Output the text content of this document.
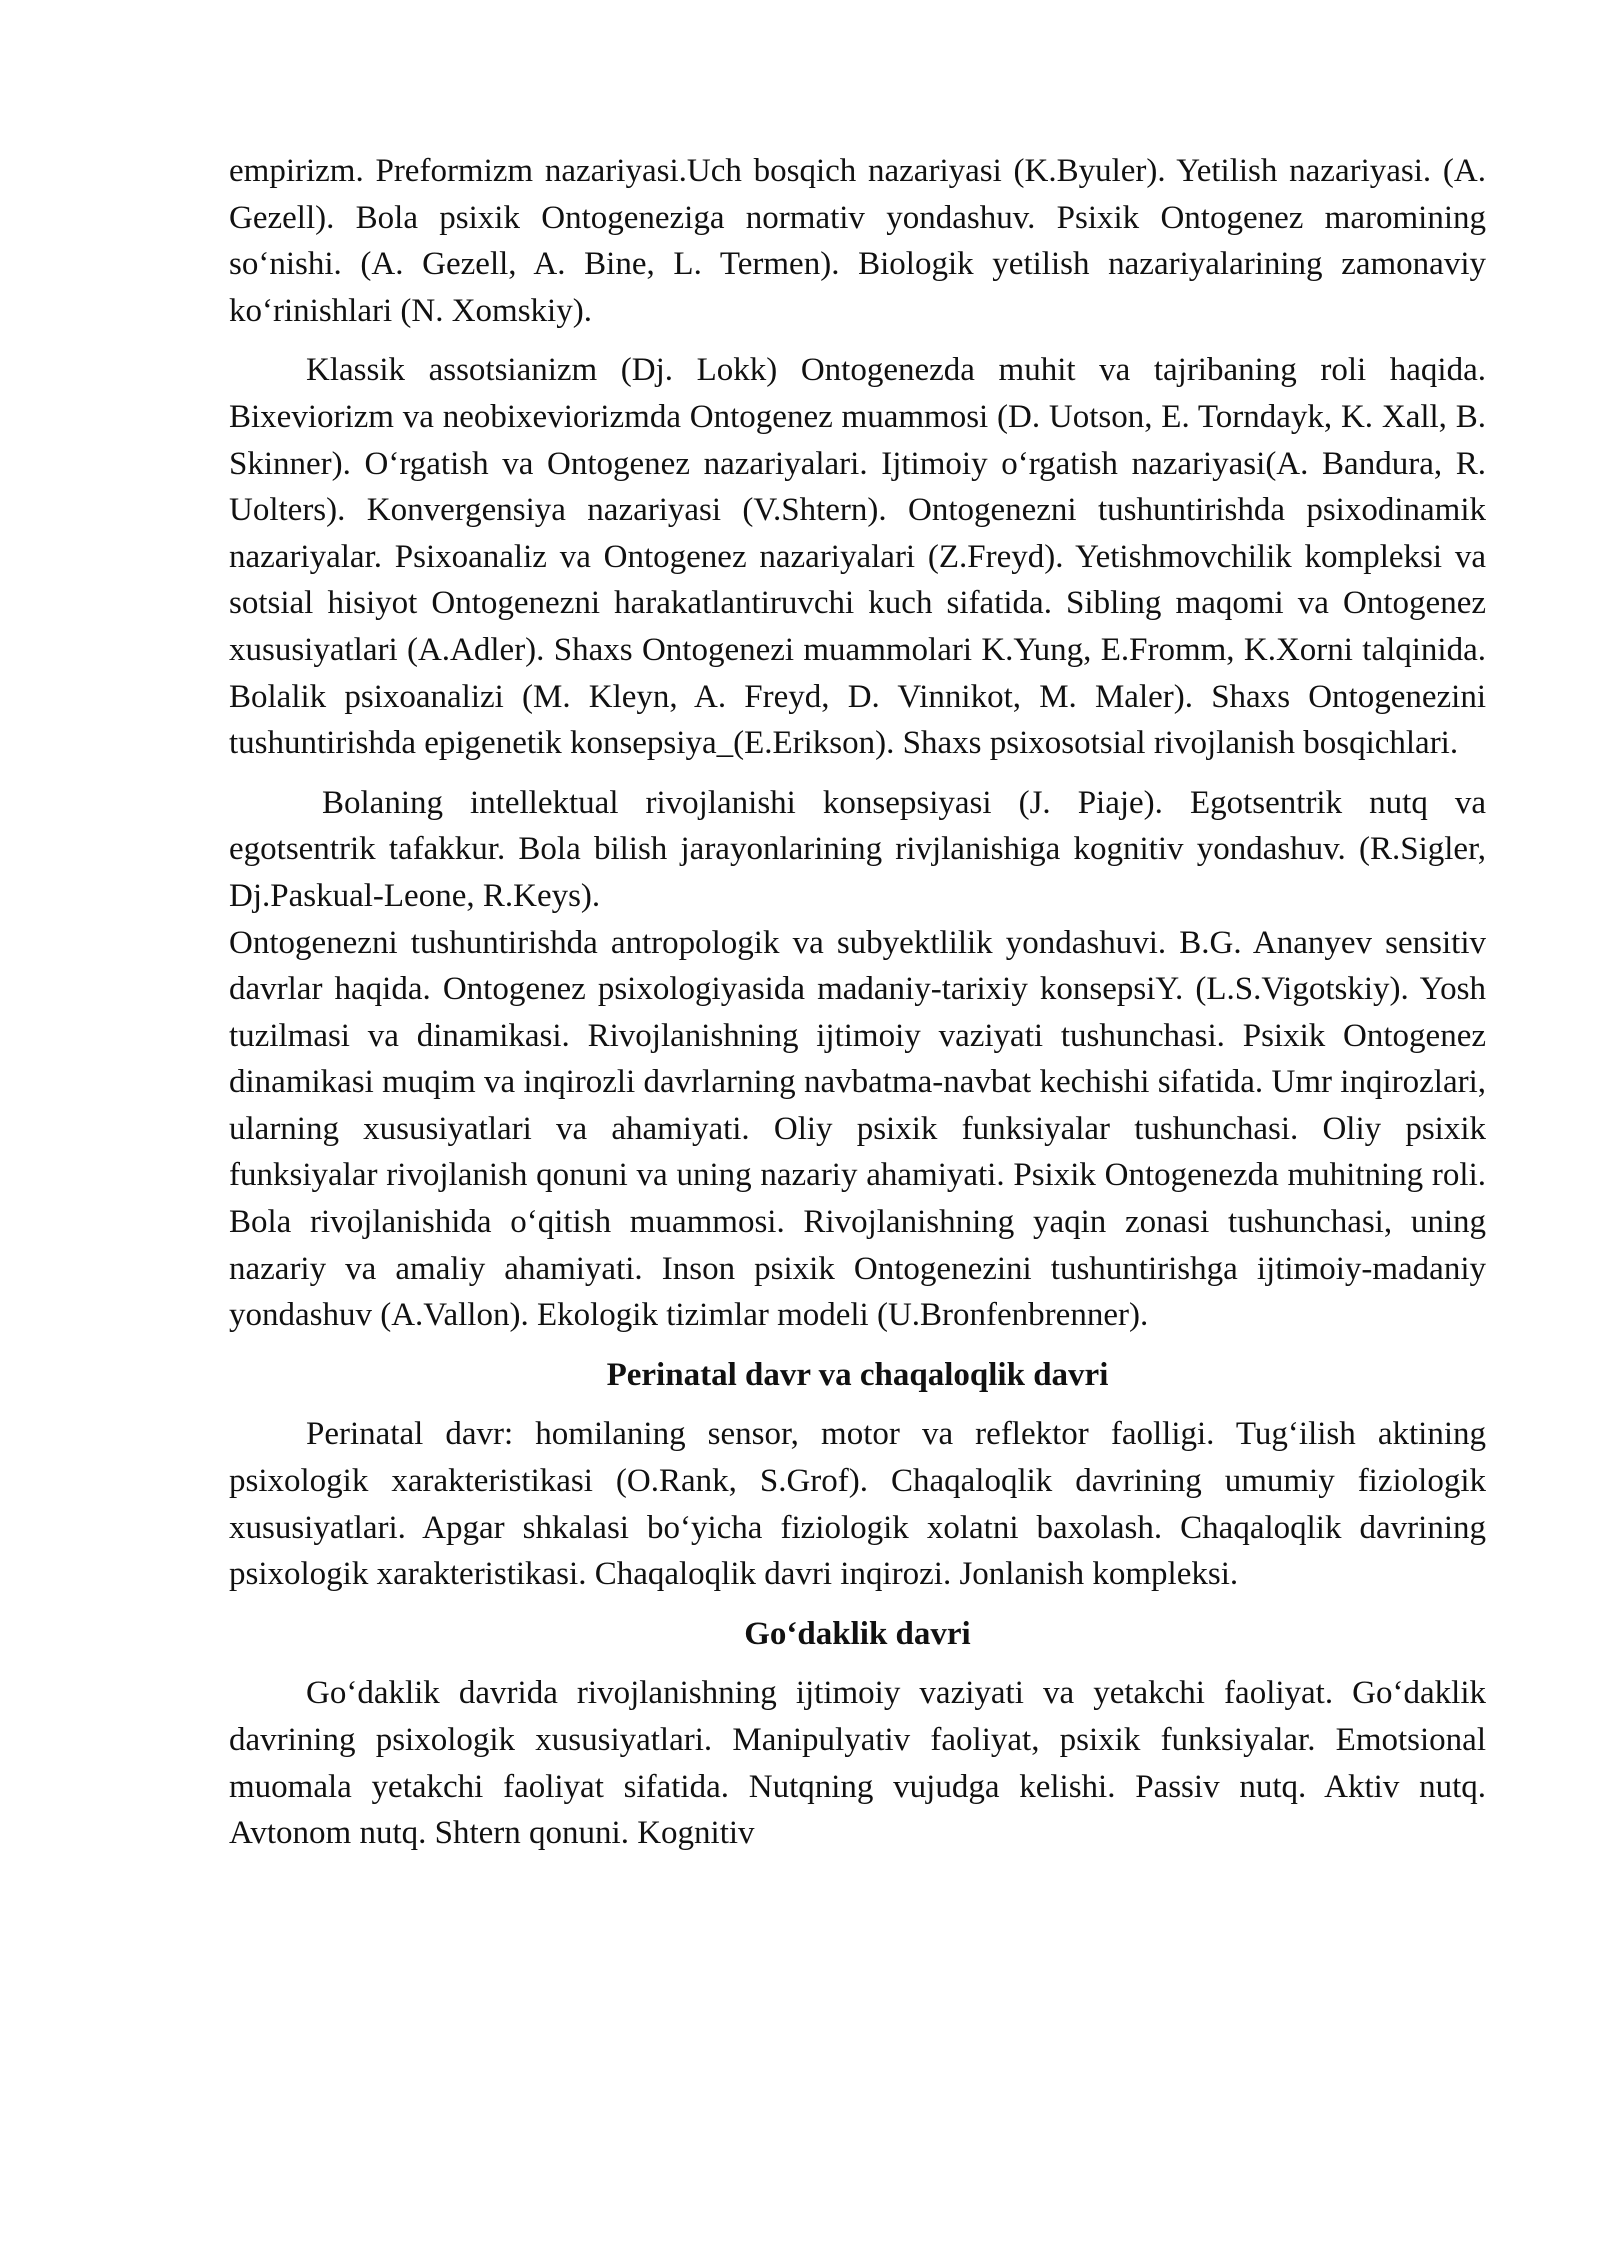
empirizm. Preformizm nazariyasi.Uch bosqich nazariyasi (K.Byuler). Yetilish nazariyasi. (A. Gezell). Bola psixik Ontogeneziga normativ yondashuv. Psixik Ontogenez maromining so‘nishi. (A. Gezell, A. Bine, L. Termen). Biologik yetilish nazariyalarining zamonaviy ko‘rinishlari (N. Xomskiy).

Klassik assotsianizm (Dj. Lokk) Ontogenezda muhit va tajribaning roli haqida. Bixeviorizm va neobixeviorizmda Ontogenez muammosi (D. Uotson, E. Torndayk, K. Xall, B. Skinner). O‘rgatish va Ontogenez nazariyalari. Ijtimoiy o‘rgatish nazariyasi(A. Bandura, R. Uolters). Konvergensiya nazariyasi (V.Shtern). Ontogenezni tushuntirishda psixodinamik nazariyalar. Psixoanaliz va Ontogenez nazariyalari (Z.Freyd). Yetishmovchilik kompleksi va sotsial hisiyot Ontogenezni harakatlantiruvchi kuch sifatida. Sibling maqomi va Ontogenez xususiyatlari (A.Adler). Shaxs Ontogenezi muammolari K.Yung, E.Fromm, K.Xorni talqinida. Bolalik psixoanalizi (M. Kleyn, A. Freyd, D. Vinnikot, M. Maler). Shaxs Ontogenezini tushuntirishda epigenetik konsepsiya_(E.Erikson). Shaxs psixosotsial rivojlanish bosqichlari.

Bolaning intellektual rivojlanishi konsepsiyasi (J. Piaje). Egotsentrik nutq va egotsentrik tafakkur. Bola bilish jarayonlarining rivjlanishiga kognitiv yondashuv. (R.Sigler, Dj.Paskual-Leone, R.Keys).

Ontogenezni tushuntirishda antropologik va subyektlilik yondashuvi. B.G. Ananyev sensitiv davrlar haqida. Ontogenez psixologiyasida madaniy-tarixiy konsepsiY. (L.S.Vigotskiy). Yosh tuzilmasi va dinamikasi. Rivojlanishning ijtimoiy vaziyati tushunchasi. Psixik Ontogenez dinamikasi muqim va inqirozli davrlarning navbatma-navbat kechishi sifatida. Umr inqirozlari, ularning xususiyatlari va ahamiyati. Oliy psixik funksiyalar tushunchasi. Oliy psixik funksiyalar rivojlanish qonuni va uning nazariy ahamiyati. Psixik Ontogenezda muhitning roli. Bola rivojlanishida o‘qitish muammosi. Rivojlanishning yaqin zonasi tushunchasi, uning nazariy va amaliy ahamiyati. Inson psixik Ontogenezini tushuntirishga ijtimoiy-madaniy yondashuv (A.Vallon). Ekologik tizimlar modeli (U.Bronfenbrenner).

Perinatal davr va chaqaloqlik davri

Perinatal davr: homilaning sensor, motor va reflektor faolligi. Tug‘ilish aktining psixologik xarakteristikasi (O.Rank, S.Grof). Chaqaloqlik davrining umumiy fiziologik xususiyatlari. Apgar shkalasi bo‘yicha fiziologik xolatni baxolash. Chaqaloqlik davrining psixologik xarakteristikasi. Chaqaloqlik davri inqirozi. Jonlanish kompleksi.

Go‘daklik davri

Go‘daklik davrida rivojlanishning ijtimoiy vaziyati va yetakchi faoliyat. Go‘daklik davrining psixologik xususiyatlari. Manipulyativ faoliyat, psixik funksiyalar. Emotsional muomala yetakchi faoliyat sifatida. Nutqning vujudga kelishi. Passiv nutq. Aktiv nutq. Avtonom nutq. Shtern qonuni. Kognitiv
